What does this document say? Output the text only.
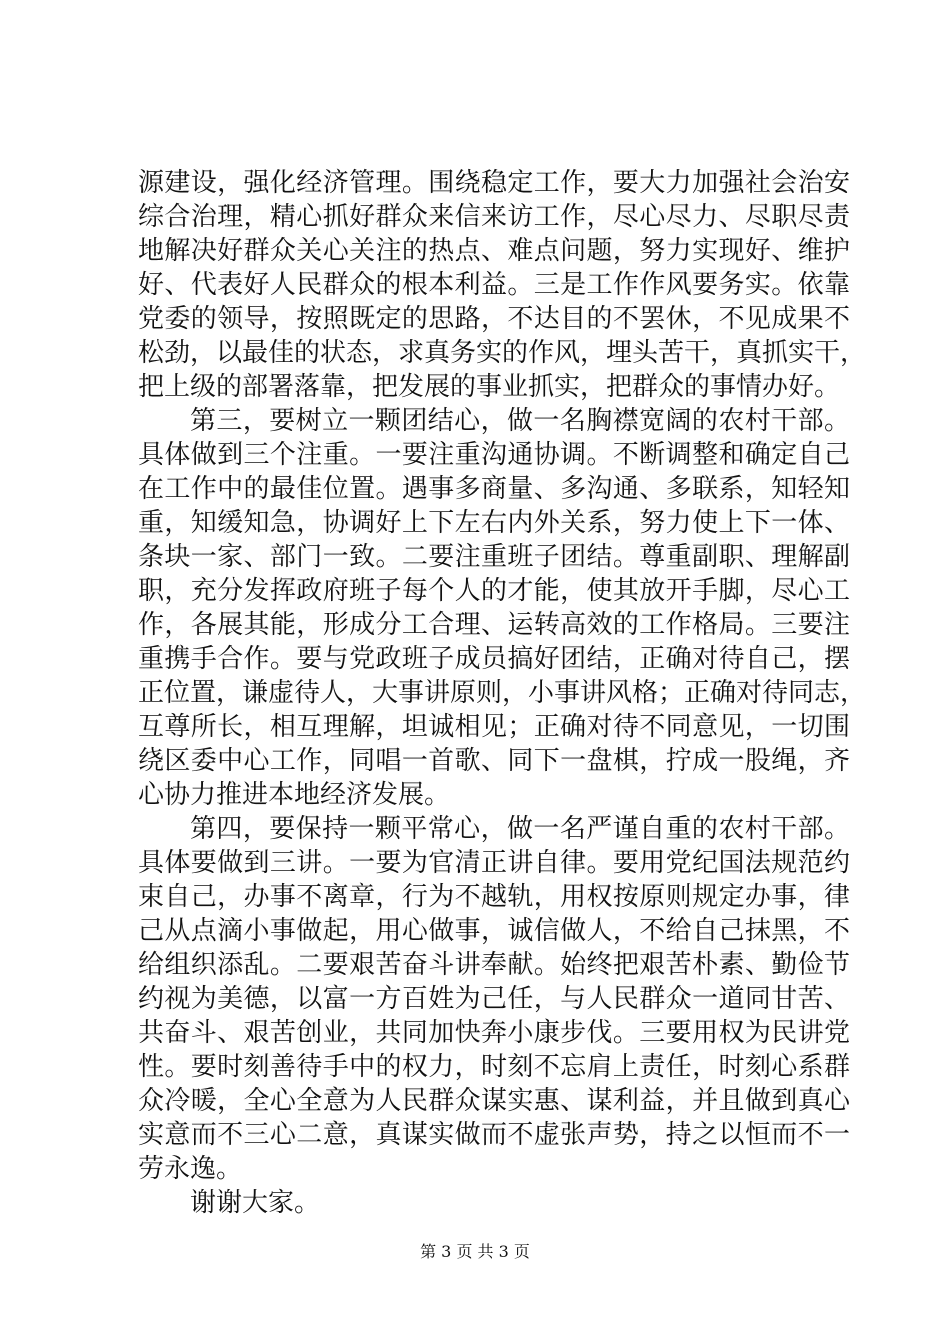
源建设，强化经济管理。围绕稳定工作，要大力加强社会治安
综合治理，精心抓好群众来信来访工作，尽心尽力、尽职尽责
地解决好群众关心关注的热点、难点问题，努力实现好、维护
好、代表好人民群众的根本利益。三是工作作风要务实。依靠
党委的领导，按照既定的思路，不达目的不罢休，不见成果不
松劲，以最佳的状态，求真务实的作风，埋头苦干，真抓实干，
把上级的部署落靠，把发展的事业抓实，把群众的事情办好。
第三，要树立一颗团结心，做一名胸襟宽阔的农村干部。
具体做到三个注重。一要注重沟通协调。不断调整和确定自己
在工作中的最佳位置。遇事多商量、多沟通、多联系，知轻知
重，知缓知急，协调好上下左右内外关系，努力使上下一体、
条块一家、部门一致。二要注重班子团结。尊重副职、理解副
职，充分发挥政府班子每个人的才能，使其放开手脚，尽心工
作，各展其能，形成分工合理、运转高效的工作格局。三要注
重携手合作。要与党政班子成员搞好团结，正确对待自己，摆
正位置，谦虚待人，大事讲原则，小事讲风格；正确对待同志，
互尊所长，相互理解，坦诚相见；正确对待不同意见，一切围
绕区委中心工作，同唱一首歌、同下一盘棋，拧成一股绳，齐
心协力推进本地经济发展。
第四，要保持一颗平常心，做一名严谨自重的农村干部。
具体要做到三讲。一要为官清正讲自律。要用党纪国法规范约
束自己，办事不离章，行为不越轨，用权按原则规定办事，律
己从点滴小事做起，用心做事，诚信做人，不给自己抹黑，不
给组织添乱。二要艰苦奋斗讲奉献。始终把艰苦朴素、勤俭节
约视为美德，以富一方百姓为己任，与人民群众一道同甘苦、
共奋斗、艰苦创业，共同加快奔小康步伐。三要用权为民讲党
性。要时刻善待手中的权力，时刻不忘肩上责任，时刻心系群
众冷暖，全心全意为人民群众谋实惠、谋利益，并且做到真心
实意而不三心二意，真谋实做而不虚张声势，持之以恒而不一
劳永逸。
谢谢大家。
第 3 页 共 3 页
